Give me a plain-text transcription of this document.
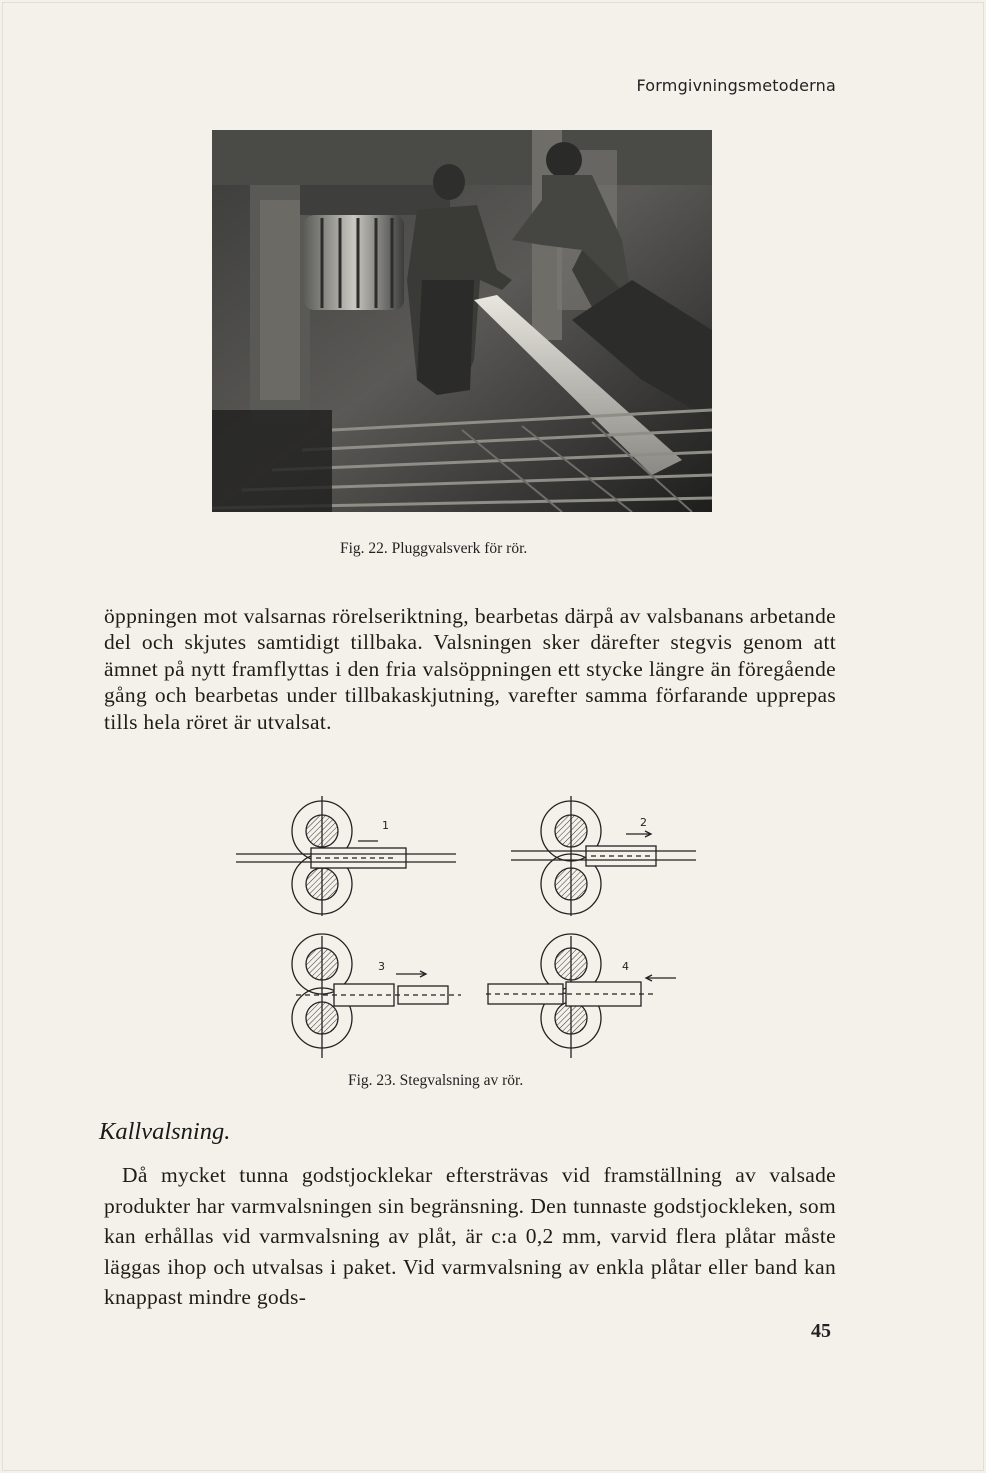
Formgivningsmetoderna
Fig. 22. Pluggvalsverk för rör.
öppningen mot valsarnas rörelseriktning, bearbetas därpå av valsbanans arbetande del och skjutes samtidigt tillbaka. Valsningen sker därefter stegvis genom att ämnet på nytt framflyttas i den fria valsöppningen ett stycke längre än föregående gång och bearbetas under tillbakaskjutning, varefter samma förfarande upprepas tills hela röret är utvalsat.
1	2
3	4
Fig. 23. Stegvalsning av rör.
Kallvalsning.
Då mycket tunna godstjocklekar eftersträvas vid framställning av valsade produkter har varmvalsningen sin begränsning. Den tunnaste godstjockleken, som kan erhållas vid varmvalsning av plåt, är c:a 0,2 mm, varvid flera plåtar måste läggas ihop och utvalsas i paket. Vid varmvalsning av enkla plåtar eller band kan knappast mindre gods-
45
